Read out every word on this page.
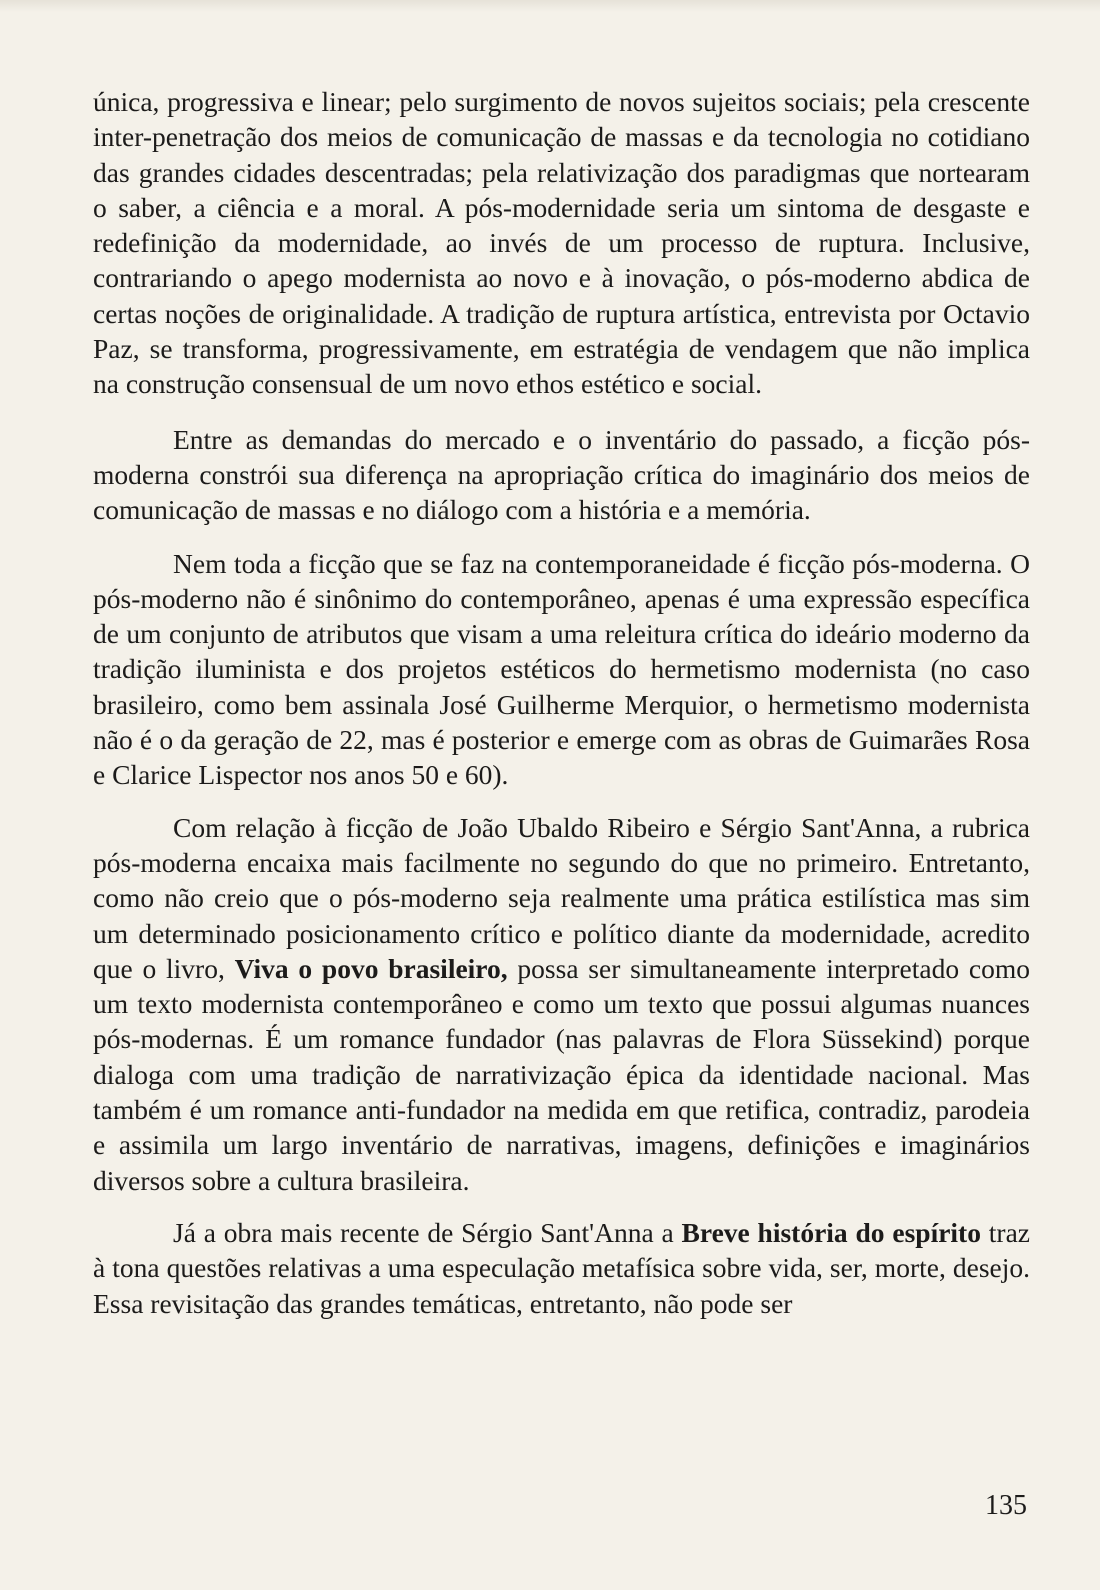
única, progressiva e linear; pelo surgimento de novos sujeitos sociais; pela crescente inter-penetração dos meios de comunicação de massas e da tecnologia no cotidiano das grandes cidades descentradas; pela relativização dos paradigmas que nortearam o saber, a ciência e a moral. A pós-modernidade seria um sintoma de desgaste e redefinição da modernidade, ao invés de um processo de ruptura. Inclusive, contrariando o apego modernista ao novo e à inovação, o pós-moderno abdica de certas noções de originalidade. A tradição de ruptura artística, entrevista por Octavio Paz, se transforma, progressivamente, em estratégia de vendagem que não implica na construção consensual de um novo ethos estético e social.

Entre as demandas do mercado e o inventário do passado, a ficção pós-moderna constrói sua diferença na apropriação crítica do imaginário dos meios de comunicação de massas e no diálogo com a história e a memória.

Nem toda a ficção que se faz na contemporaneidade é ficção pós-moderna. O pós-moderno não é sinônimo do contemporâneo, apenas é uma expressão específica de um conjunto de atributos que visam a uma releitura crítica do ideário moderno da tradição iluminista e dos projetos estéticos do hermetismo modernista (no caso brasileiro, como bem assinala José Guilherme Merquior, o hermetismo modernista não é o da geração de 22, mas é posterior e emerge com as obras de Guimarães Rosa e Clarice Lispector nos anos 50 e 60).

Com relação à ficção de João Ubaldo Ribeiro e Sérgio Sant'Anna, a rubrica pós-moderna encaixa mais facilmente no segundo do que no primeiro. Entretanto, como não creio que o pós-moderno seja realmente uma prática estilística mas sim um determinado posicionamento crítico e político diante da modernidade, acredito que o livro, Viva o povo brasileiro, possa ser simultaneamente interpretado como um texto modernista contemporâneo e como um texto que possui algumas nuances pós-modernas. É um romance fundador (nas palavras de Flora Süssekind) porque dialoga com uma tradição de narrativização épica da identidade nacional. Mas também é um romance anti-fundador na medida em que retifica, contradiz, parodeia e assimila um largo inventário de narrativas, imagens, definições e imaginários diversos sobre a cultura brasileira.

Já a obra mais recente de Sérgio Sant'Anna a Breve história do espírito traz à tona questões relativas a uma especulação metafísica sobre vida, ser, morte, desejo. Essa revisitação das grandes temáticas, entretanto, não pode ser

135
